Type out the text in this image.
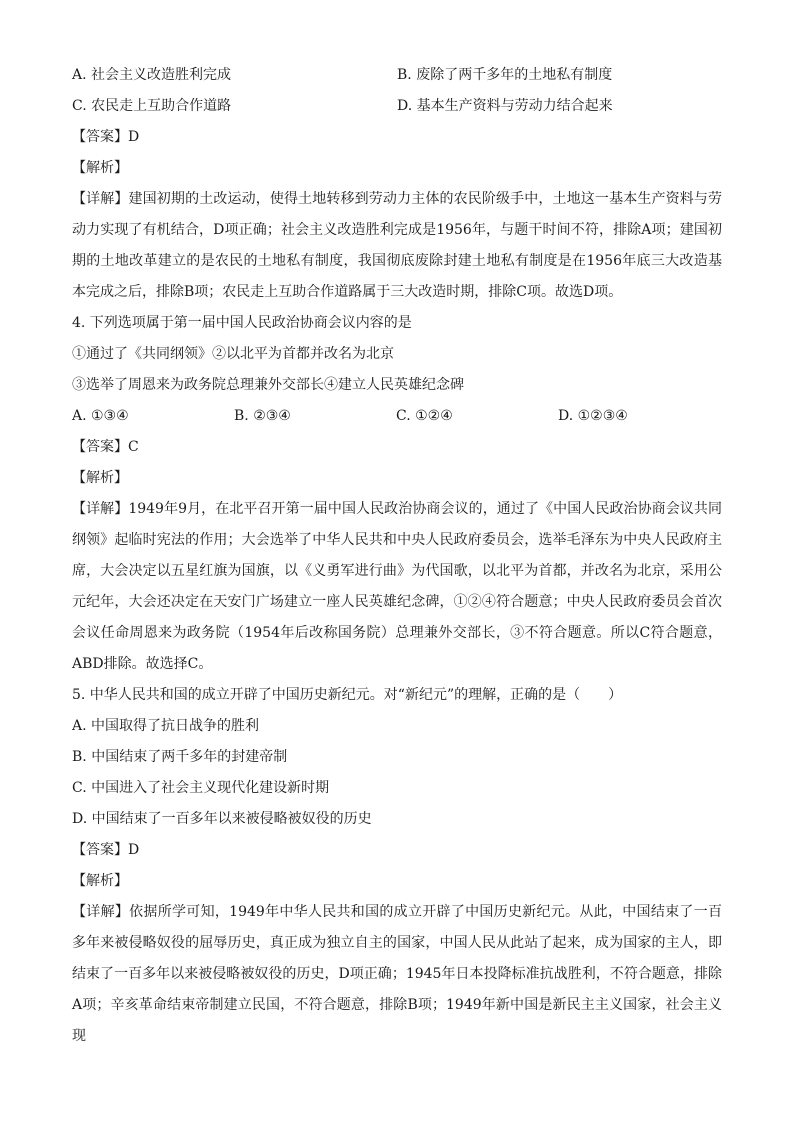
A. 社会主义改造胜利完成	B. 废除了两千多年的土地私有制度
C. 农民走上互助合作道路	D. 基本生产资料与劳动力结合起来
【答案】D
【解析】
【详解】建国初期的土改运动，使得土地转移到劳动力主体的农民阶级手中，土地这一基本生产资料与劳动力实现了有机结合，D项正确；社会主义改造胜利完成是1956年，与题干时间不符，排除A项；建国初期的土地改革建立的是农民的土地私有制度，我国彻底废除封建土地私有制度是在1956年底三大改造基本完成之后，排除B项；农民走上互助合作道路属于三大改造时期，排除C项。故选D项。
4. 下列选项属于第一届中国人民政治协商会议内容的是
①通过了《共同纲领》②以北平为首都并改名为北京
③选举了周恩来为政务院总理兼外交部长④建立人民英雄纪念碑
A. ①③④	B. ②③④	C. ①②④	D. ①②③④
【答案】C
【解析】
【详解】1949年9月，在北平召开第一届中国人民政治协商会议的，通过了《中国人民政治协商会议共同纲领》起临时宪法的作用；大会选举了中华人民共和中央人民政府委员会，选举毛泽东为中央人民政府主席，大会决定以五星红旗为国旗，以《义勇军进行曲》为代国歌，以北平为首都，并改名为北京，采用公元纪年，大会还决定在天安门广场建立一座人民英雄纪念碑，①②④符合题意；中央人民政府委员会首次会议任命周恩来为政务院（1954年后改称国务院）总理兼外交部长，③不符合题意。所以C符合题意，ABD排除。故选择C。
5. 中华人民共和国的成立开辟了中国历史新纪元。对“新纪元”的理解，正确的是（　　）
A. 中国取得了抗日战争的胜利
B. 中国结束了两千多年的封建帝制
C. 中国进入了社会主义现代化建设新时期
D. 中国结束了一百多年以来被侵略被奴役的历史
【答案】D
【解析】
【详解】依据所学可知，1949年中华人民共和国的成立开辟了中国历史新纪元。从此，中国结束了一百多年来被侵略奴役的屈辱历史，真正成为独立自主的国家，中国人民从此站了起来，成为国家的主人，即结束了一百多年以来被侵略被奴役的历史，D项正确；1945年日本投降标准抗战胜利，不符合题意，排除A项；辛亥革命结束帝制建立民国，不符合题意，排除B项；1949年新中国是新民主主义国家，社会主义现
